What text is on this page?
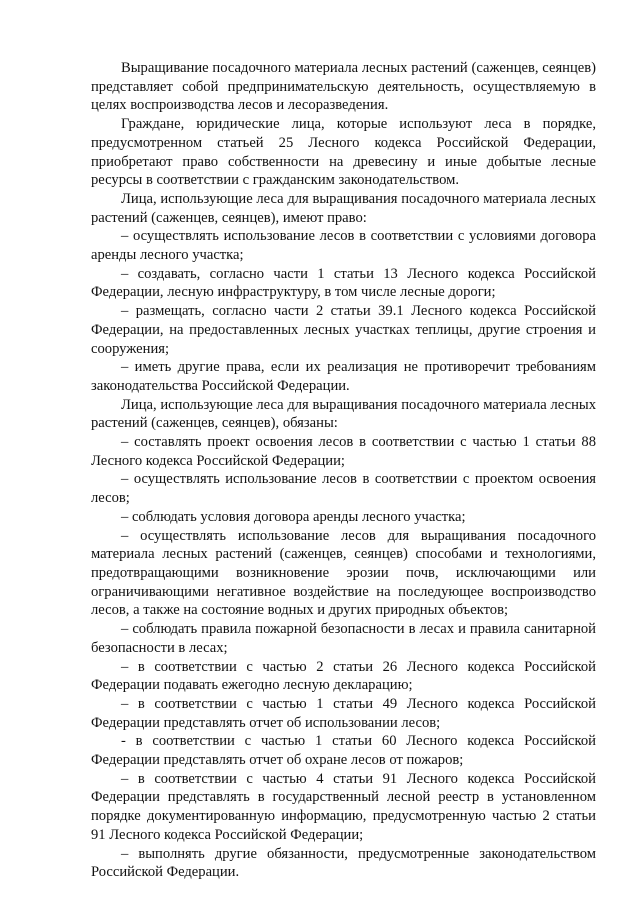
Выращивание посадочного материала лесных растений (саженцев, сеянцев) представляет собой предпринимательскую деятельность, осуществляемую в целях воспроизводства лесов и лесоразведения.

Граждане, юридические лица, которые используют леса в порядке, предусмотренном статьей 25 Лесного кодекса Российской Федерации, приобретают право собственности на древесину и иные добытые лесные ресурсы в соответствии с гражданским законодательством.

Лица, использующие леса для выращивания посадочного материала лесных растений (саженцев, сеянцев), имеют право:

– осуществлять использование лесов в соответствии с условиями договора аренды лесного участка;

– создавать, согласно части 1 статьи 13 Лесного кодекса Российской Федерации, лесную инфраструктуру, в том числе лесные дороги;

– размещать, согласно части 2 статьи 39.1 Лесного кодекса Российской Федерации, на предоставленных лесных участках теплицы, другие строения и сооружения;

– иметь другие права, если их реализация не противоречит требованиям законодательства Российской Федерации.

Лица, использующие леса для выращивания посадочного материала лесных растений (саженцев, сеянцев), обязаны:

– составлять проект освоения лесов в соответствии с частью 1 статьи 88 Лесного кодекса Российской Федерации;

– осуществлять использование лесов в соответствии с проектом освоения лесов;

– соблюдать условия договора аренды лесного участка;

– осуществлять использование лесов для выращивания посадочного материала лесных растений (саженцев, сеянцев) способами и технологиями, предотвращающими возникновение эрозии почв, исключающими или ограничивающими негативное воздействие на последующее воспроизводство лесов, а также на состояние водных и других природных объектов;

– соблюдать правила пожарной безопасности в лесах и правила санитарной безопасности в лесах;

– в соответствии с частью 2 статьи 26 Лесного кодекса Российской Федерации подавать ежегодно лесную декларацию;

– в соответствии с частью 1 статьи 49 Лесного кодекса Российской Федерации представлять отчет об использовании лесов;

- в соответствии с частью 1 статьи 60 Лесного кодекса Российской Федерации представлять отчет об охране лесов от пожаров;

– в соответствии с частью 4 статьи 91 Лесного кодекса Российской Федерации представлять в государственный лесной реестр в установленном порядке документированную информацию, предусмотренную частью 2 статьи 91 Лесного кодекса Российской Федерации;

– выполнять другие обязанности, предусмотренные законодательством Российской Федерации.
